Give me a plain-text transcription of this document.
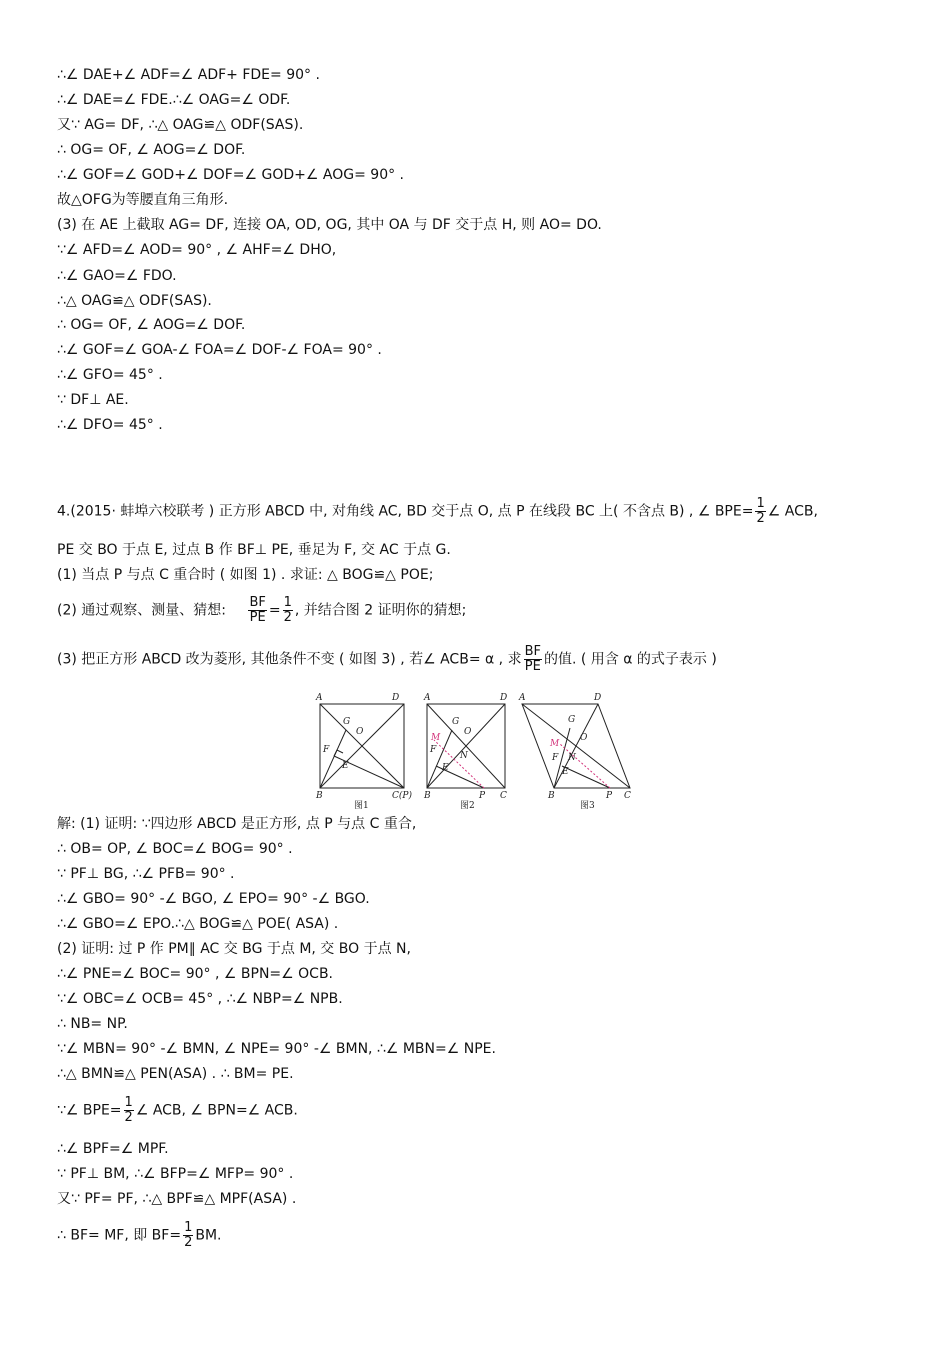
∴∠ DAE+∠ ADF=∠ ADF+ FDE= 90° .
∴∠ DAE=∠ FDE.∴∠ OAG=∠ ODF.
又∵ AG= DF, ∴△ OAG≌△ ODF(SAS).
∴ OG= OF, ∠ AOG=∠ DOF.
∴∠ GOF=∠ GOD+∠ DOF=∠ GOD+∠ AOG= 90° .
故△OFG为等腰直角三角形.
(3) 在 AE 上截取 AG= DF, 连接 OA, OD, OG, 其中 OA 与 DF 交于点 H, 则 AO= DO.
∵∠ AFD=∠ AOD= 90° , ∠ AHF=∠ DHO,
∴∠ GAO=∠ FDO.
∴△ OAG≌△ ODF(SAS).
∴ OG= OF, ∠ AOG=∠ DOF.
∴∠ GOF=∠ GOA-∠ FOA=∠ DOF-∠ FOA= 90° .
∴∠ GFO= 45° .
∵ DF⊥ AE.
∴∠ DFO= 45° .
4.(2015· 蚌埠六校联考 ) 正方形 ABCD 中, 对角线 AC, BD 交于点 O, 点 P 在线段 BC 上( 不含点 B) , ∠ $BPE= \frac{1}{2}$ ∠ ACB,
PE 交 BO 于点 E, 过点 B 作 BF⊥ PE, 垂足为 F, 交 AC 于点 G.
(1) 当点 P 与点 C 重合时 ( 如图 1) . 求证: △ BOG≌△ POE;
(2) 通过观察、测量、猜想: $\frac{BF}{PE} = \frac{1}{2}$ , 并结合图 2 证明你的猜想;
(3) 把正方形 ABCD 改为菱形, 其他条件不变 ( 如图 3) , 若∠ ACB= α , 求 $\frac{BF}{PE}$ 的值. ( 用含 α 的式子表示 )
A	D
B	C(P)
G
O
F
E
A	D
B	C
G
O
M
F
N
E
P
A	D
B	C
G
O
M
F N
E
P
图1	图2	图3
解: (1) 证明: ∵四边形 ABCD 是正方形, 点 P 与点 C 重合,
∴ OB= OP, ∠ BOC=∠ BOG= 90° .
∵ PF⊥ BG, ∴∠ PFB= 90° .
∴∠ GBO= 90° -∠ BGO, ∠ EPO= 90° -∠ BGO.
∴∠ GBO=∠ EPO.∴△ BOG≌△ POE( ASA) .
(2) 证明: 过 P 作 PM∥ AC 交 BG 于点 M, 交 BO 于点 N,
∴∠ PNE=∠ BOC= 90° , ∠ BPN=∠ OCB.
∵∠ OBC=∠ OCB= 45° , ∴∠ NBP=∠ NPB.
∴ NB= NP.
∵∠ MBN= 90° -∠ BMN, ∠ NPE= 90° -∠ BMN, ∴∠ MBN=∠ NPE.
∴△ BMN≌△ PEN(ASA) . ∴ BM= PE.
∵∠ $BPE= \frac{1}{2}$ ∠ ACB, ∠ BPN=∠ ACB.
∴∠ BPF=∠ MPF.
∵ PF⊥ BM, ∴∠ BFP=∠ MFP= 90° .
又∵ PF= PF, ∴△ BPF≌△ MPF(ASA) .
∴ BF= MF, 即 $BF= \frac{1}{2}$ BM.
